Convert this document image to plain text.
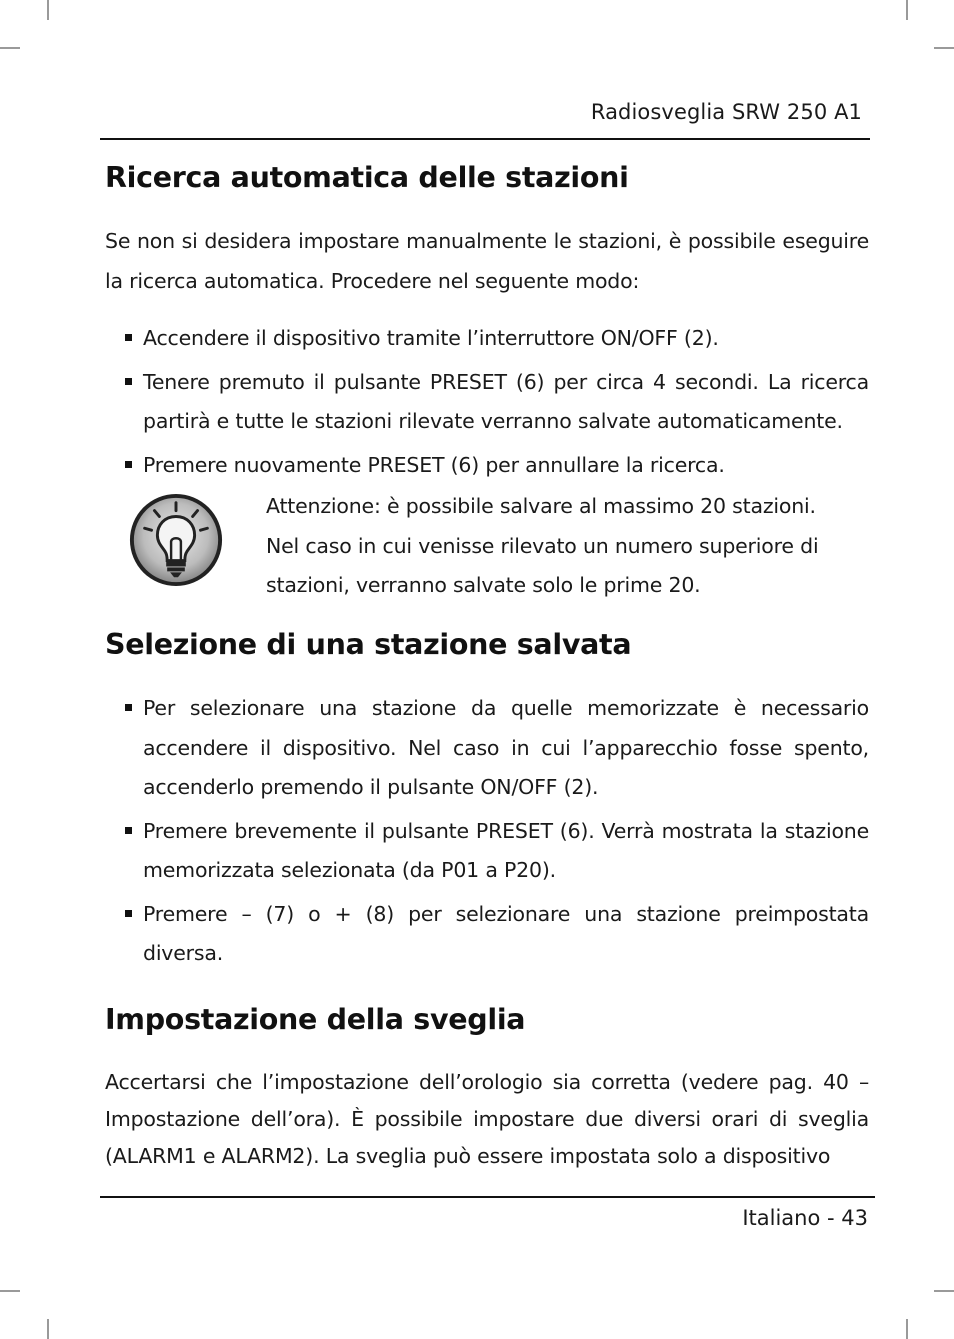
Radiosveglia SRW 250 A1
Ricerca automatica delle stazioni

Se non si desidera impostare manualmente le stazioni, è possibile eseguire la ricerca automatica. Procedere nel seguente modo:

Accendere il dispositivo tramite l’interruttore ON/OFF (2).
Tenere premuto il pulsante PRESET (6) per circa 4 secondi. La ricerca partirà e tutte le stazioni rilevate verranno salvate automaticamente.
Premere nuovamente PRESET (6) per annullare la ricerca.
Attenzione: è possibile salvare al massimo 20 stazioni.
Nel caso in cui venisse rilevato un numero superiore di
stazioni, verranno salvate solo le prime 20.
Selezione di una stazione salvata
Per selezionare una stazione da quelle memorizzate è necessario accendere il dispositivo. Nel caso in cui l’apparecchio fosse spento, accenderlo premendo il pulsante ON/OFF (2).
Premere brevemente il pulsante PRESET (6). Verrà mostrata la stazione memorizzata selezionata (da P01 a P20).
Premere – (7) o + (8) per selezionare una stazione preimpostata diversa.
Impostazione della sveglia

Accertarsi che l’impostazione dell’orologio sia corretta (vedere pag. 40 – Impostazione dell’ora). È possibile impostare due diversi orari di sveglia (ALARM1 e ALARM2). La sveglia può essere impostata solo a dispositivo

Italiano - 43
